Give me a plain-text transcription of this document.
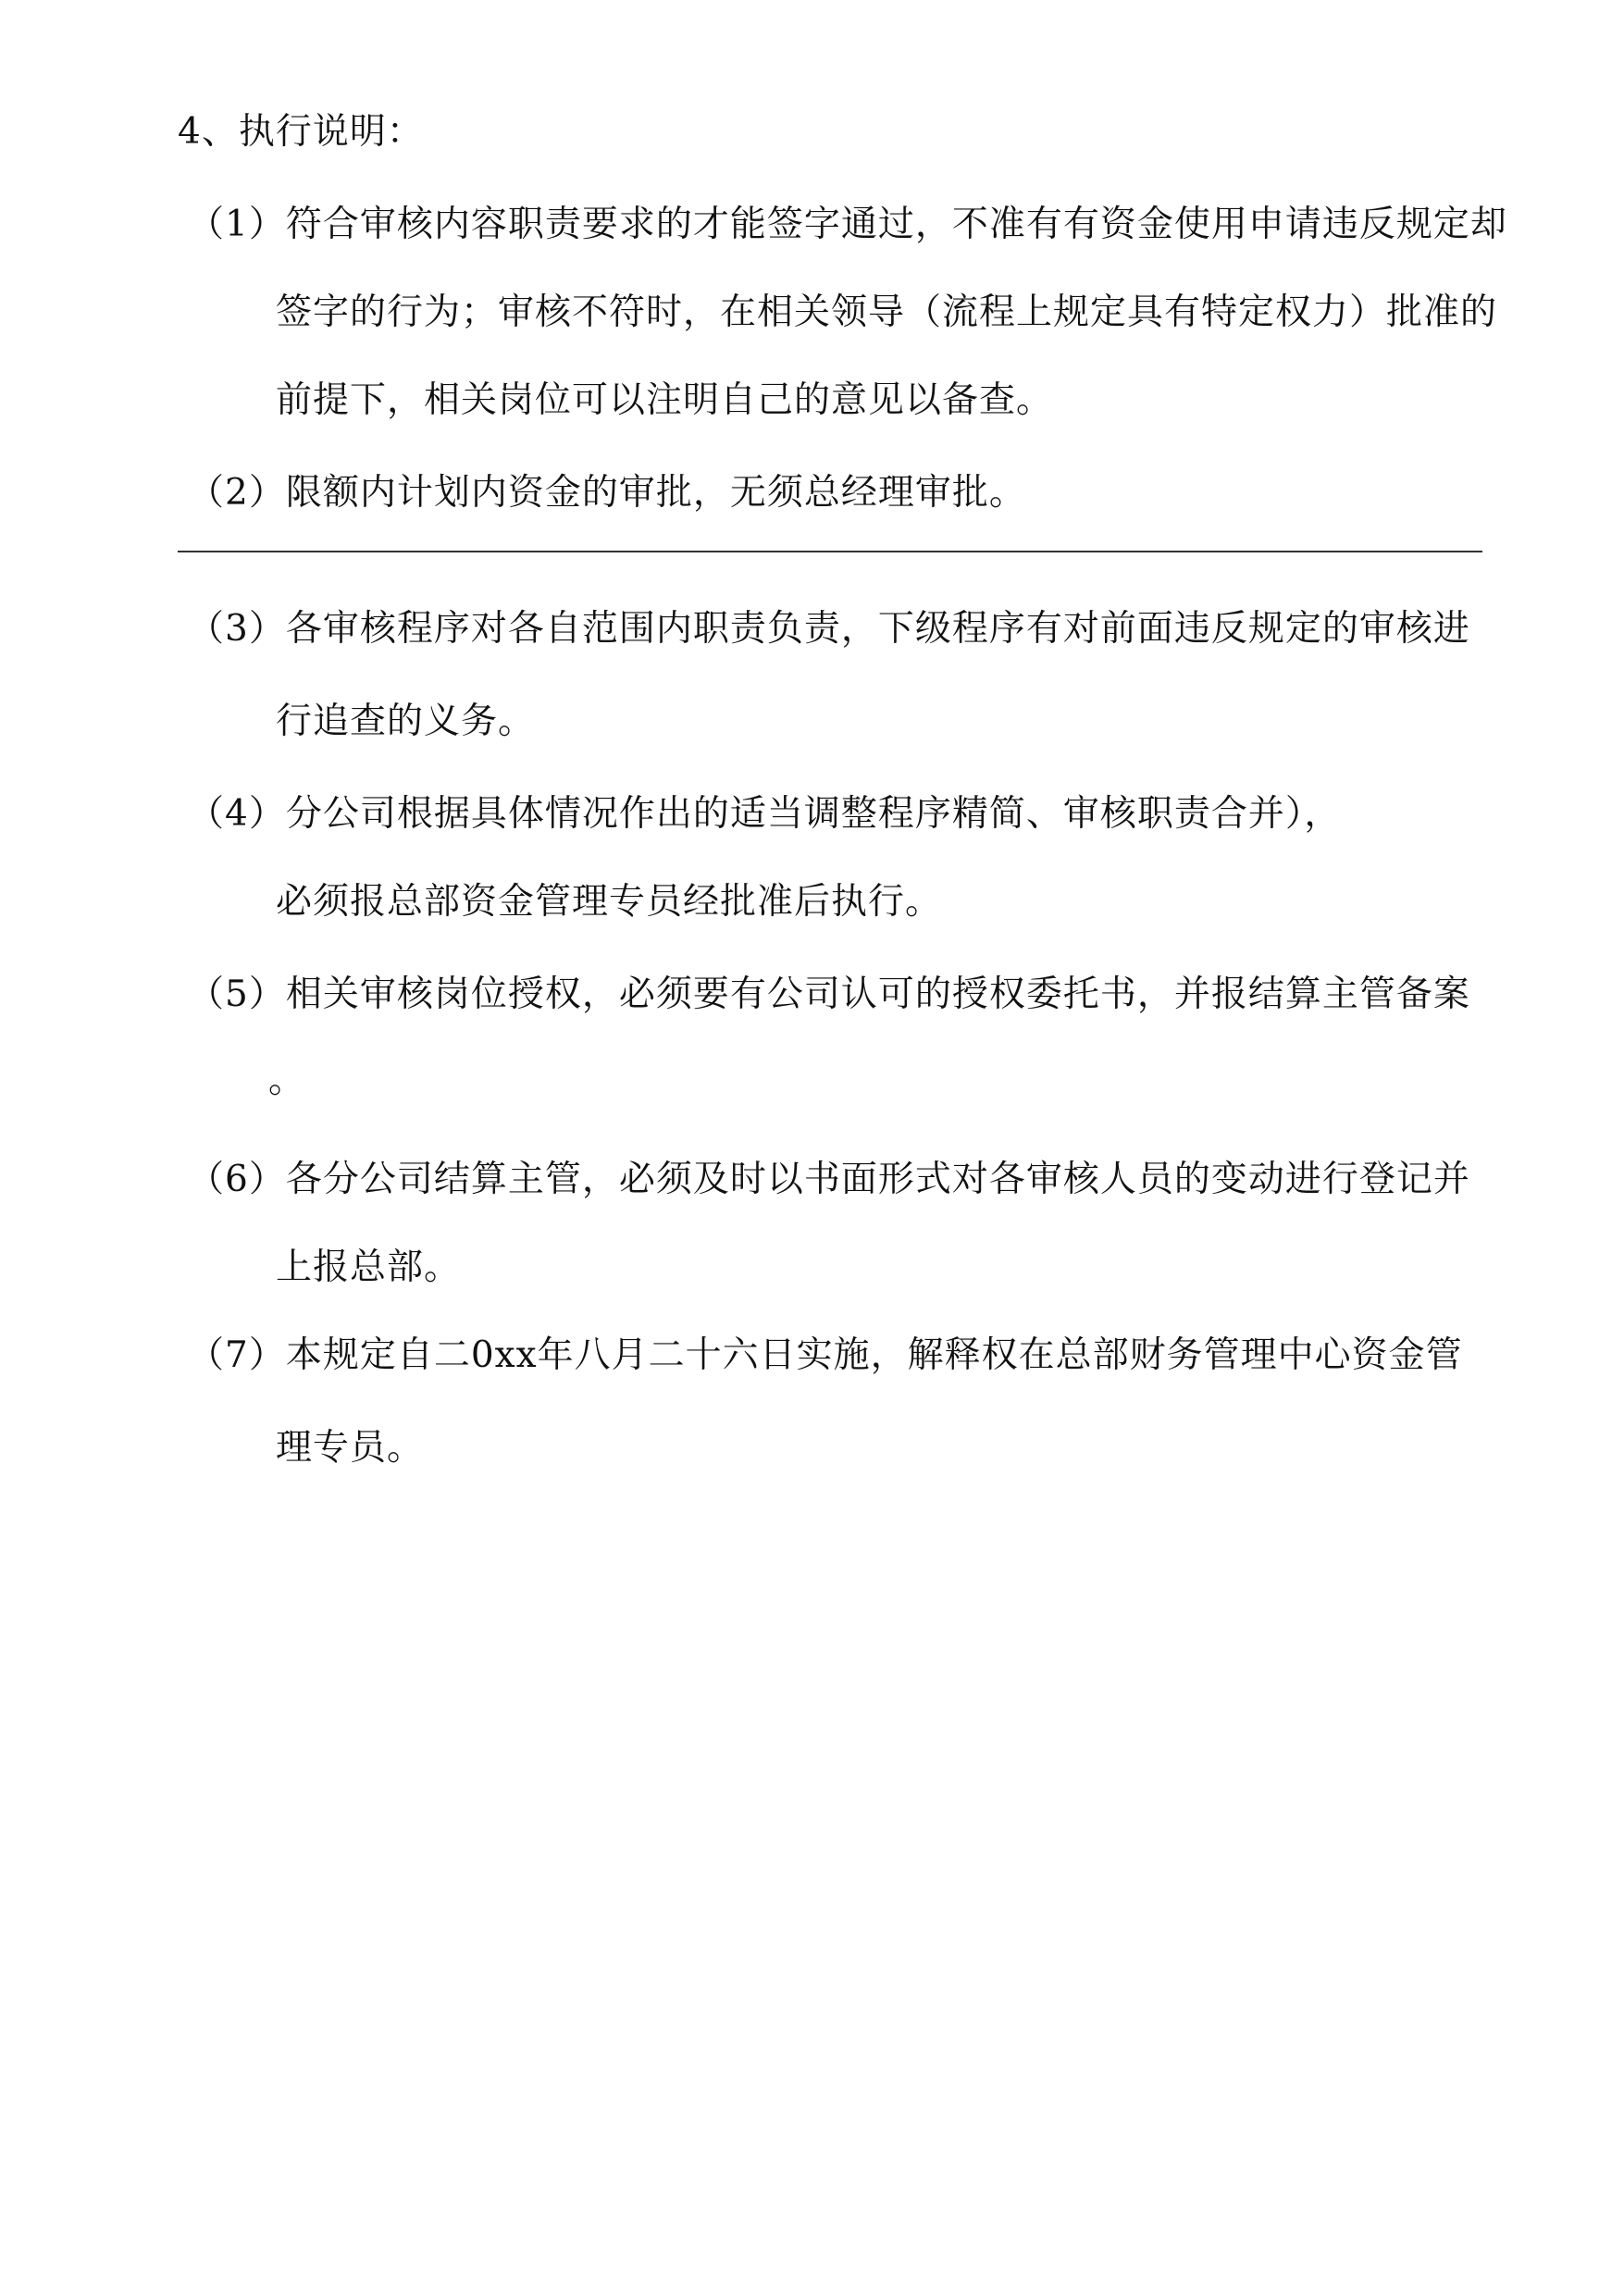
4、执行说明：
（1）符合审核内容职责要求的才能签字通过，不准有有资金使用申请违反规定却
签字的行为；审核不符时，在相关领导（流程上规定具有特定权力）批准的
前提下，相关岗位可以注明自己的意见以备查。
（2）限额内计划内资金的审批，无须总经理审批。
（3）各审核程序对各自范围内职责负责，下级程序有对前面违反规定的审核进
行追查的义务。
（4）分公司根据具体情况作出的适当调整程序精简、审核职责合并），
必须报总部资金管理专员经批准后执行。
（5）相关审核岗位授权，必须要有公司认可的授权委托书，并报结算主管备案
。
（6）各分公司结算主管，必须及时以书面形式对各审核人员的变动进行登记并
上报总部。
（7）本规定自二0xx年八月二十六日实施，解释权在总部财务管理中心资金管
理专员。
